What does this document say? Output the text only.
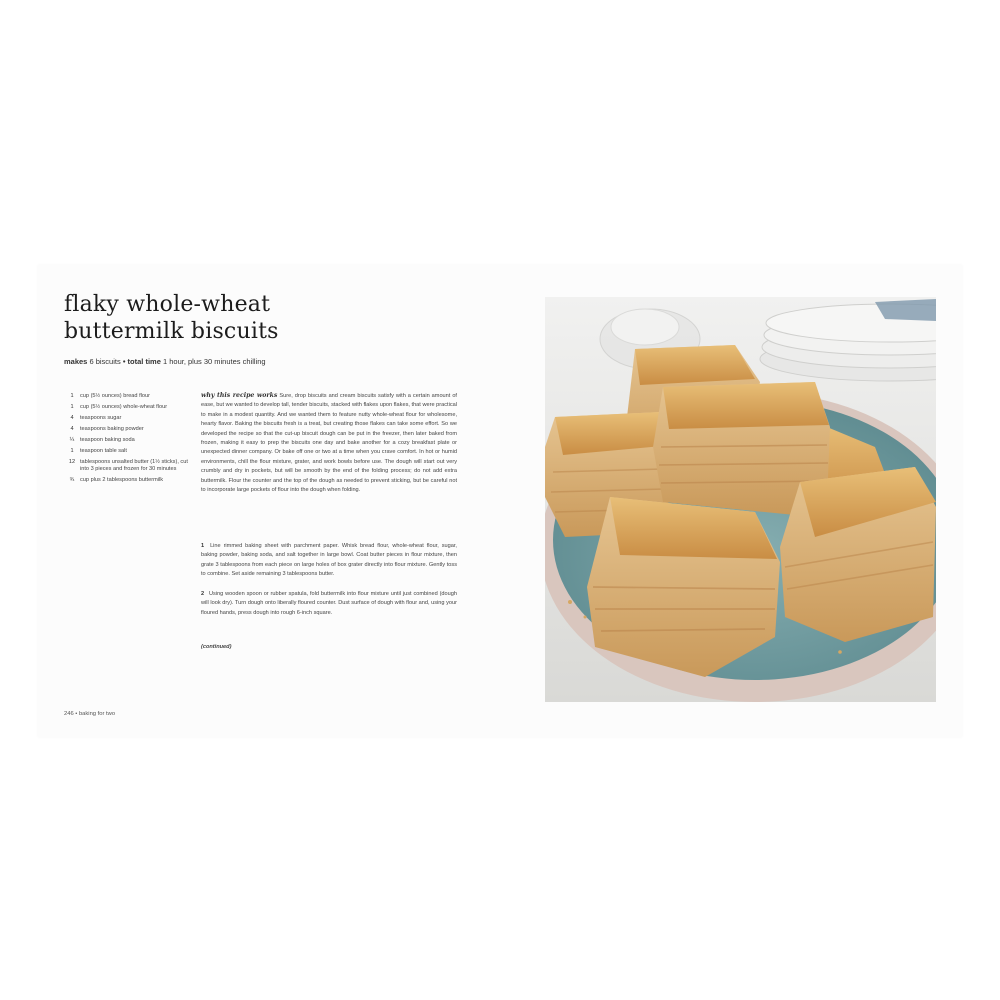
flaky whole-wheat
buttermilk biscuits
makes 6 biscuits • total time 1 hour, plus 30 minutes chilling
1	cup (5½ ounces) bread flour
1	cup (5½ ounces) whole-wheat flour
4	teaspoons sugar
4	teaspoons baking powder
¼	teaspoon baking soda
1	teaspoon table salt
12 tablespoons unsalted butter (1½ sticks), cut into 3 pieces and frozen for 30 minutes
¾	cup plus 2 tablespoons buttermilk

why this recipe works Sure, drop biscuits and cream biscuits satisfy with a certain amount of ease, but we wanted to develop tall, tender biscuits, stacked with flakes upon flakes, that were practical to make in a modest quantity. And we wanted them to feature nutty whole-wheat flour for wholesome, hearty flavor. Baking the biscuits fresh is a treat, but creating those flakes can take some effort. So we developed the recipe so that the cut-up biscuit dough can be put in the freezer, then later baked from frozen, making it easy to prep the biscuits one day and bake another for a cozy breakfast plate or unexpected dinner company. Or bake off one or two at a time when you crave comfort. In hot or humid environments, chill the flour mixture, grater, and work bowls before use. The dough will start out very crumbly and dry in pockets, but will be smooth by the end of the folding process; do not add extra buttermilk. Flour the counter and the top of the dough as needed to prevent sticking, but be careful not to incorporate large pockets of flour into the dough when folding.

1 Line rimmed baking sheet with parchment paper. Whisk bread flour, whole-wheat flour, sugar, baking powder, baking soda, and salt together in large bowl. Coat butter pieces in flour mixture, then grate 3 tablespoons from each piece on large holes of box grater directly into flour mixture. Gently toss to combine. Set aside remaining 3 tablespoons butter.

2 Using wooden spoon or rubber spatula, fold buttermilk into flour mixture until just combined (dough will look dry). Turn dough onto liberally floured counter. Dust surface of dough with flour and, using your floured hands, press dough into rough 6-inch square.

(continued)
246 • baking for two
